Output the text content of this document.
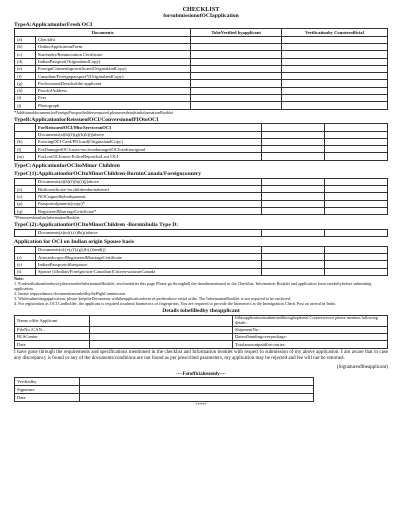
CHECKLIST
forsubmissionofOCIapplication
TypeA:ApplicationforFresh OCI
Documents		TobeVerified byapplicant	Verificationby Counterofficial
(a)	Checklist		
(b)	OnlineApplicationForm		
(c)	Surrender/Renunciation Certificate		
(d)	IndianPassport(OriginalandCopy)		
(e)	ForeignCitizenshipcertificate(OriginalandCopy)		
(f)	Canadian/Foreignpassport*(OriginalandCopy)		
(g)	ProfessionalDetailsofthe applicant		
(h)	ProofofAddress		
(i)	Fees		
(j)	Photograph		
*AdditionaldocumentforForeignPassportholdersrequired,pleaseseedetailsinInformationBooklet
TypeB:ApplicationforReissueofOCI/ConversionofPIOtoOCI
	ForReissueofOCI/MiscServiceonOCI		
	Documents(a)(b)(f)(g)(h)(i)(j)above		
(k)	ExistingOCI Card/PIOcard(OriginalandCopy)		
(l)	ForDamagedOCIcases-enclosedamagedOCIcardinoriginal		
(m)	ForLostOCIcases-PoliceReportforLost OCI		
TypeC:ApplicationforOCItoMinor Children
TypeC(1):ApplicationforOCItoMinorChildren-BorninCanada/Foreigncountry
	Documents(a)(b)(f)(h)(i)(j)above		
(o)	Birthcertificate-forchildrenbornabroad		
(o)	NOCsignedbybothparents		
(p)	Passportofparents(copy)*		
(q)	RegisteredMarriageCertificate*		
*PleaseseedetailsinInformationBooklet
TypeC(2):ApplicationforOCItoMinorChildren -BorninIndia Type D:
	Documents(a)to(i),(r)&(p)above		
Application for OCI on Indian origin Spouse basis
	Documents(a),(e),(f),(g),(h),(i)and(j)		
(r)	AttestedcopyofRegisteredMarriageCertificate		
(s)	IndianPassportofthespouse		
(t)	Spouse [ifIndian/Foreign/non-Canadian]Citizen-statusinCanada		
Note:
1. Fordetailsaboutfeeabove,pleaseseetheInformationBooklet, enclosedafter this page.Please go throughall the detailsmentioned in the Checklist, Information Booklet and application form carefullybefore submitting application.
2. Incase requiredmore documentsareaskedbytheHighCommission.
3. Whilesubmittingapplication, please keeptheDocuments withtheapplicationform as pertheabove serial order. The InformationBooklet is not required to be enclosed.
4. For registration as OCI Cardholder, the applicant is required tosubmit biometrics of fingerprints. You are required to provide the biometrics at the Immigration Check Post on arrival in India.
Details tobefilledby theapplicant
Name ofthe Applicant		Ifthisapplicationissubmittedthroughoptional Courierservice,please mention following details :
FileNo./CAN...		ShipmentNo.:
BLSCenter		Dateofhandingoverpackage:
Date		Totalamountpaidforcourier:
I have gone through the requirements and specifications mentioned in the checklist and Information booklet with respect to submission of my above application. I am aware that in case any discrepancy is found or any of the documents/conditions are not found as per prescribed parameters, my application may be rejected and fee will not be returned.
(Signatureoftheapplicant)
----Forofficialuseonly----
Verifiedby	
Signature	
Date	
*****
